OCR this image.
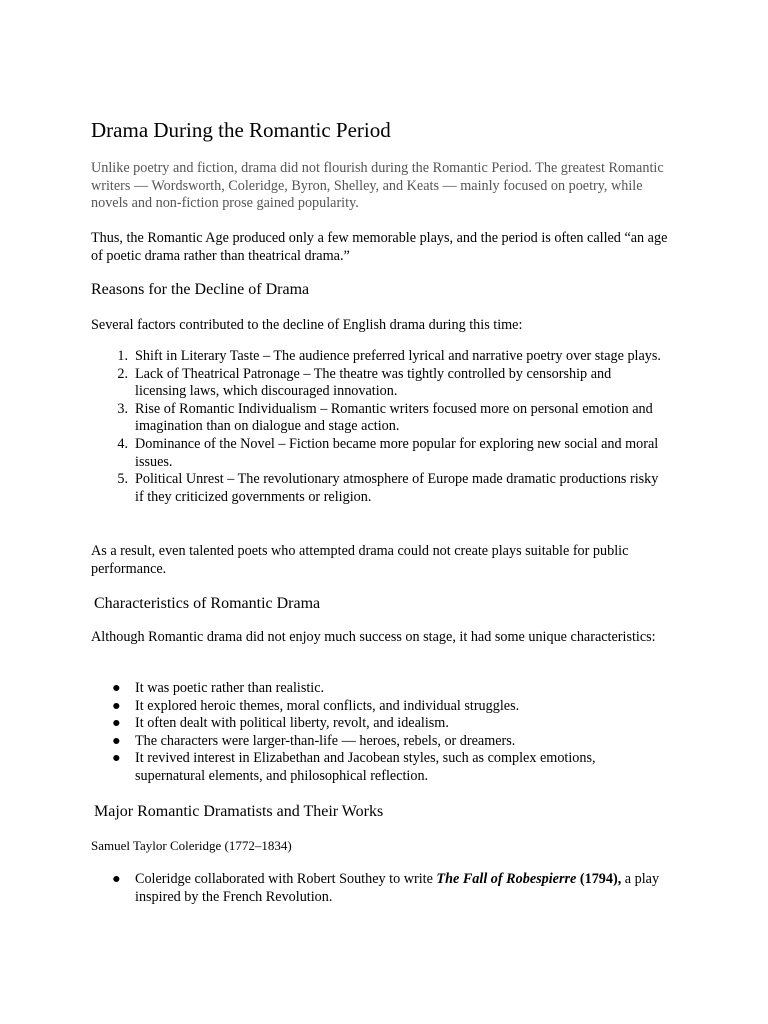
Drama During the Romantic Period

Unlike poetry and fiction, drama did not flourish during the Romantic Period. The greatest Romantic writers — Wordsworth, Coleridge, Byron, Shelley, and Keats — mainly focused on poetry, while novels and non-fiction prose gained popularity.

Thus, the Romantic Age produced only a few memorable plays, and the period is often called “an age of poetic drama rather than theatrical drama.”

Reasons for the Decline of Drama

Several factors contributed to the decline of English drama during this time:

1. Shift in Literary Taste – The audience preferred lyrical and narrative poetry over stage plays.
2. Lack of Theatrical Patronage – The theatre was tightly controlled by censorship and licensing laws, which discouraged innovation.
3. Rise of Romantic Individualism – Romantic writers focused more on personal emotion and imagination than on dialogue and stage action.
4. Dominance of the Novel – Fiction became more popular for exploring new social and moral issues.
5. Political Unrest – The revolutionary atmosphere of Europe made dramatic productions risky if they criticized governments or religion.

As a result, even talented poets who attempted drama could not create plays suitable for public performance.

Characteristics of Romantic Drama

Although Romantic drama did not enjoy much success on stage, it had some unique characteristics:

● It was poetic rather than realistic.
● It explored heroic themes, moral conflicts, and individual struggles.
● It often dealt with political liberty, revolt, and idealism.
● The characters were larger-than-life — heroes, rebels, or dreamers.
● It revived interest in Elizabethan and Jacobean styles, such as complex emotions, supernatural elements, and philosophical reflection.
Major Romantic Dramatists and Their Works

Samuel Taylor Coleridge (1772–1834)

● Coleridge collaborated with Robert Southey to write The Fall of Robespierre (1794), a play inspired by the French Revolution.
